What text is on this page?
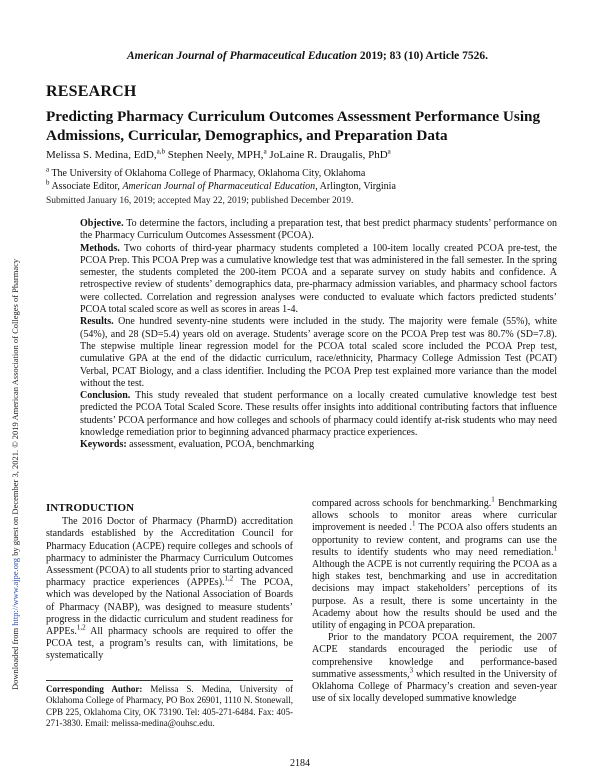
American Journal of Pharmaceutical Education 2019; 83 (10) Article 7526.
RESEARCH
Predicting Pharmacy Curriculum Outcomes Assessment Performance Using Admissions, Curricular, Demographics, and Preparation Data
Melissa S. Medina, EdD,$^{a,b}$ Stephen Neely, MPH,$^a$ JoLaine R. Draugalis, PhD$^a$
$^a$ The University of Oklahoma College of Pharmacy, Oklahoma City, Oklahoma
$^b$ Associate Editor, American Journal of Pharmaceutical Education, Arlington, Virginia
Submitted January 16, 2019; accepted May 22, 2019; published December 2019.

Objective. To determine the factors, including a preparation test, that best predict pharmacy students’ performance on the Pharmacy Curriculum Outcomes Assessment (PCOA).

Methods. Two cohorts of third-year pharmacy students completed a 100-item locally created PCOA pre-test, the PCOA Prep. This PCOA Prep was a cumulative knowledge test that was administered in the fall semester. In the spring semester, the students completed the 200-item PCOA and a separate survey on study habits and confidence. A retrospective review of students’ demographics data, pre-pharmacy admission variables, and pharmacy school factors were collected. Correlation and regression analyses were conducted to evaluate which factors predicted students’ PCOA total scaled score as well as scores in areas 1-4.

Results. One hundred seventy-nine students were included in the study. The majority were female (55%), white (54%), and 28 (SD=5.4) years old on average. Students’ average score on the PCOA Prep test was 80.7% (SD=7.8). The stepwise multiple linear regression model for the PCOA total scaled score included the PCOA Prep test, cumulative GPA at the end of the didactic curriculum, race/ethnicity, Pharmacy College Admission Test (PCAT) Verbal, PCAT Biology, and a class identifier. Including the PCOA Prep test explained more variance than the model without the test.

Conclusion. This study revealed that student performance on a locally created cumulative knowledge test best predicted the PCOA Total Scaled Score. These results offer insights into additional contributing factors that influence students’ PCOA performance and how colleges and schools of pharmacy could identify at-risk students who may need knowledge remediation prior to beginning advanced pharmacy practice experiences.

Keywords: assessment, evaluation, PCOA, benchmarking

Downloaded from http://www.ajpe.org by guest on December 3, 2021. © 2019 American Association of Colleges of Pharmacy INTRODUCTION

The 2016 Doctor of Pharmacy (PharmD) accreditation standards established by the Accreditation Council for Pharmacy Education (ACPE) require colleges and schools of pharmacy to administer the Pharmacy Curriculum Outcomes Assessment (PCOA) to all students prior to starting advanced pharmacy practice experiences (APPEs).$^{1,2}$ The PCOA, which was developed by the National Association of Boards of Pharmacy (NABP), was designed to measure students’ progress in the didactic curriculum and student readiness for APPEs.$^{1,2}$ All pharmacy schools are required to offer the PCOA test, a program’s results can, with limitations, be systematically

compared across schools for benchmarking.$^1$ Benchmarking allows schools to monitor areas where curricular improvement is needed .$^1$ The PCOA also offers students an opportunity to review content, and programs can use the results to identify students who may need remediation.$^1$ Although the ACPE is not currently requiring the PCOA as a high stakes test, benchmarking and use in accreditation decisions may impact stakeholders’ perceptions of its purpose. As a result, there is some uncertainty in the Academy about how the results should be used and the utility of engaging in PCOA preparation.

Prior to the mandatory PCOA requirement, the 2007 ACPE standards encouraged the periodic use of comprehensive knowledge and performance-based summative assessments,$^3$ which resulted in the University of Oklahoma College of Pharmacy’s creation and seven-year use of six locally developed summative knowledge

Corresponding Author: Melissa S. Medina, University of Oklahoma College of Pharmacy, PO Box 26901, 1110 N. Stonewall, CPB 225, Oklahoma City, OK 73190. Tel: 405-271-6484. Fax: 405-271-3830. Email: melissa-medina@ouhsc.edu.
2184
